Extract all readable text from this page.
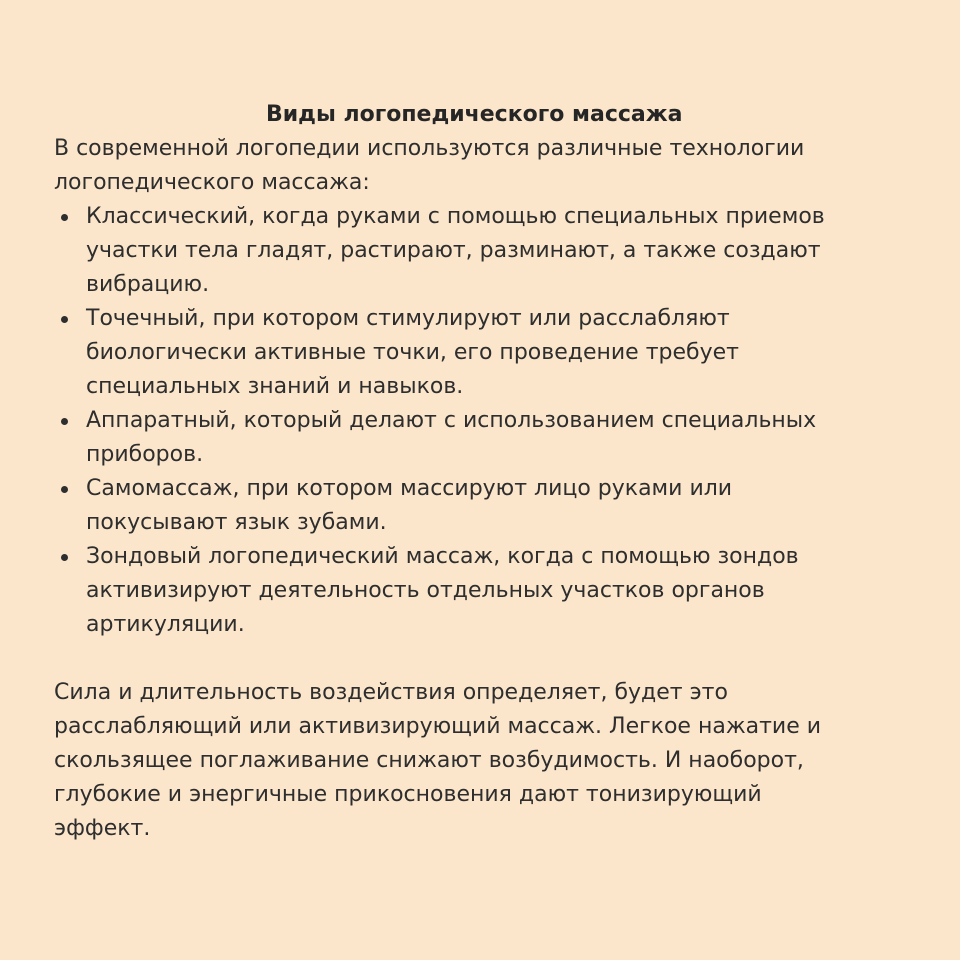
Виды логопедического массажа

В современной логопедии используются различные технологии логопедического массажа:

Классический, когда руками с помощью специальных приемов участки тела гладят, растирают, разминают, а также создают вибрацию.
Точечный, при котором стимулируют или расслабляют биологически активные точки, его проведение требует специальных знаний и навыков.
Аппаратный, который делают с использованием специальных приборов.
Самомассаж, при котором массируют лицо руками или покусывают язык зубами.
Зондовый логопедический массаж, когда с помощью зондов активизируют деятельность отдельных участков органов артикуляции.

Сила и длительность воздействия определяет, будет это расслабляющий или активизирующий массаж. Легкое нажатие и скользящее поглаживание снижают возбудимость. И наоборот, глубокие и энергичные прикосновения дают тонизирующий эффект.
